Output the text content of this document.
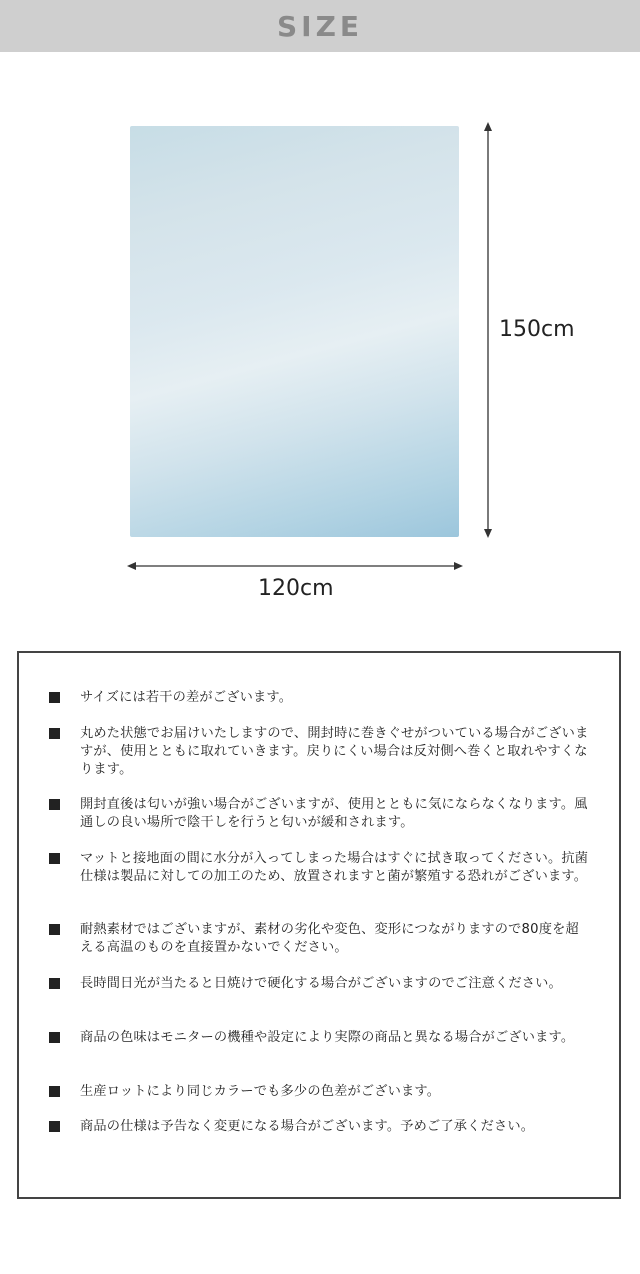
SIZE
150cm
120cm
サイズには若干の差がございます。
丸めた状態でお届けいたしますので、開封時に巻きぐせがついている場合がございますが、使用とともに取れていきます。戻りにくい場合は反対側へ巻くと取れやすくなります。
開封直後は匂いが強い場合がございますが、使用とともに気にならなくなります。風通しの良い場所で陰干しを行うと匂いが緩和されます。
マットと接地面の間に水分が入ってしまった場合はすぐに拭き取ってください。抗菌仕様は製品に対しての加工のため、放置されますと菌が繁殖する恐れがございます。
耐熱素材ではございますが、素材の劣化や変色、変形につながりますので80度を超える高温のものを直接置かないでください。
長時間日光が当たると日焼けで硬化する場合がございますのでご注意ください。
商品の色味はモニターの機種や設定により実際の商品と異なる場合がございます。
生産ロットにより同じカラーでも多少の色差がございます。
商品の仕様は予告なく変更になる場合がございます。予めご了承ください。
